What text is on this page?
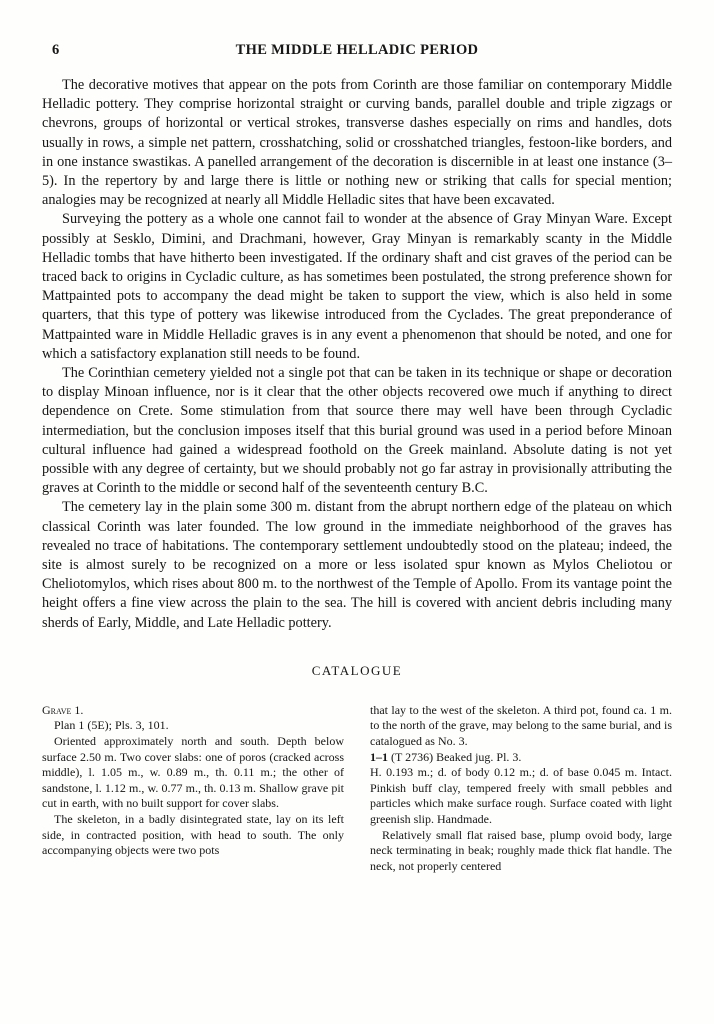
6	THE MIDDLE HELLADIC PERIOD

The decorative motives that appear on the pots from Corinth are those familiar on contemporary Middle Helladic pottery. They comprise horizontal straight or curving bands, parallel double and triple zigzags or chevrons, groups of horizontal or vertical strokes, transverse dashes especially on rims and handles, dots usually in rows, a simple net pattern, crosshatching, solid or crosshatched triangles, festoon-like borders, and in one instance swastikas. A panelled arrangement of the decoration is discernible in at least one instance (3–5). In the repertory by and large there is little or nothing new or striking that calls for special mention; analogies may be recognized at nearly all Middle Helladic sites that have been excavated.

Surveying the pottery as a whole one cannot fail to wonder at the absence of Gray Minyan Ware. Except possibly at Sesklo, Dimini, and Drachmani, however, Gray Minyan is remarkably scanty in the Middle Helladic tombs that have hitherto been investigated. If the ordinary shaft and cist graves of the period can be traced back to origins in Cycladic culture, as has sometimes been postulated, the strong preference shown for Mattpainted pots to accompany the dead might be taken to support the view, which is also held in some quarters, that this type of pottery was likewise introduced from the Cyclades. The great preponderance of Mattpainted ware in Middle Helladic graves is in any event a phenomenon that should be noted, and one for which a satisfactory explanation still needs to be found.

The Corinthian cemetery yielded not a single pot that can be taken in its technique or shape or decoration to display Minoan influence, nor is it clear that the other objects recovered owe much if anything to direct dependence on Crete. Some stimulation from that source there may well have been through Cycladic intermediation, but the conclusion imposes itself that this burial ground was used in a period before Minoan cultural influence had gained a widespread foothold on the Greek mainland. Absolute dating is not yet possible with any degree of certainty, but we should probably not go far astray in provisionally attributing the graves at Corinth to the middle or second half of the seventeenth century B.C.

The cemetery lay in the plain some 300 m. distant from the abrupt northern edge of the plateau on which classical Corinth was later founded. The low ground in the immediate neighborhood of the graves has revealed no trace of habitations. The contemporary settlement undoubtedly stood on the plateau; indeed, the site is almost surely to be recognized on a more or less isolated spur known as Mylos Cheliotou or Cheliotomylos, which rises about 800 m. to the northwest of the Temple of Apollo. From its vantage point the height offers a fine view across the plain to the sea. The hill is covered with ancient debris including many sherds of Early, Middle, and Late Helladic pottery.

CATALOGUE

Grave 1.

Plan 1 (5E); Pls. 3, 101.

Oriented approximately north and south. Depth below surface 2.50 m. Two cover slabs: one of poros (cracked across middle), l. 1.05 m., w. 0.89 m., th. 0.11 m.; the other of sandstone, l. 1.12 m., w. 0.77 m., th. 0.13 m. Shallow grave pit cut in earth, with no built support for cover slabs.

The skeleton, in a badly disintegrated state, lay on its left side, in contracted position, with head to south. The only accompanying objects were two pots

that lay to the west of the skeleton. A third pot, found ca. 1 m. to the north of the grave, may belong to the same burial, and is catalogued as No. 3.

1–1 (T 2736) Beaked jug. Pl. 3.

H. 0.193 m.; d. of body 0.12 m.; d. of base 0.045 m. Intact. Pinkish buff clay, tempered freely with small pebbles and particles which make surface rough. Surface coated with light greenish slip. Handmade.

Relatively small flat raised base, plump ovoid body, large neck terminating in beak; roughly made thick flat handle. The neck, not properly centered
